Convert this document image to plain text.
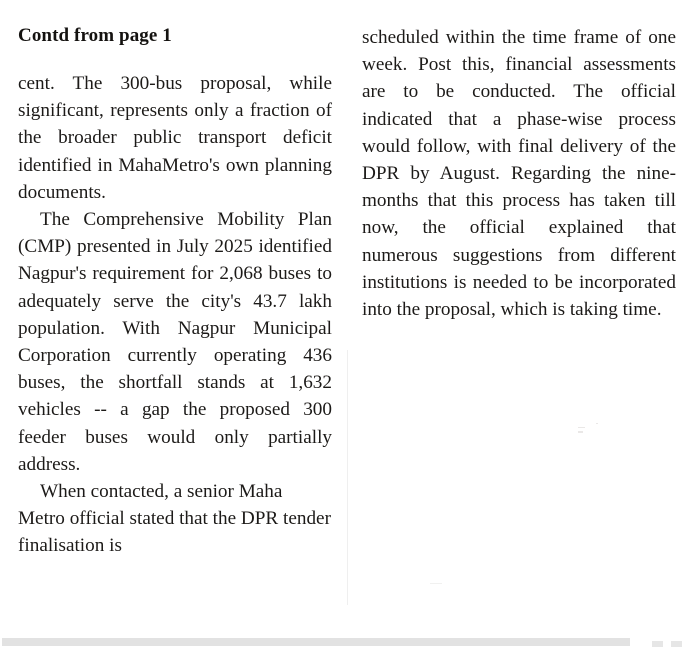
Contd from page 1

cent. The 300-bus proposal, while significant, represents only a fraction of the broader public transport deficit identified in MahaMetro's own planning documents.

The Comprehensive Mobility Plan (CMP) presented in July 2025 identified Nagpur's requirement for 2,068 buses to adequately serve the city's 43.7 lakh population. With Nagpur Municipal Corporation currently operating 436 buses, the shortfall stands at 1,632 vehicles -- a gap the proposed 300 feeder buses would only partially address.

When contacted, a senior Maha Metro official stated that the DPR tender finalisation is

scheduled within the time frame of one week. Post this, financial assessments are to be conducted. The official indicated that a phase-wise process would follow, with final delivery of the DPR by August. Regarding the nine-months that this process has taken till now, the official explained that numerous suggestions from different institutions is needed to be incorporated into the proposal, which is taking time.
